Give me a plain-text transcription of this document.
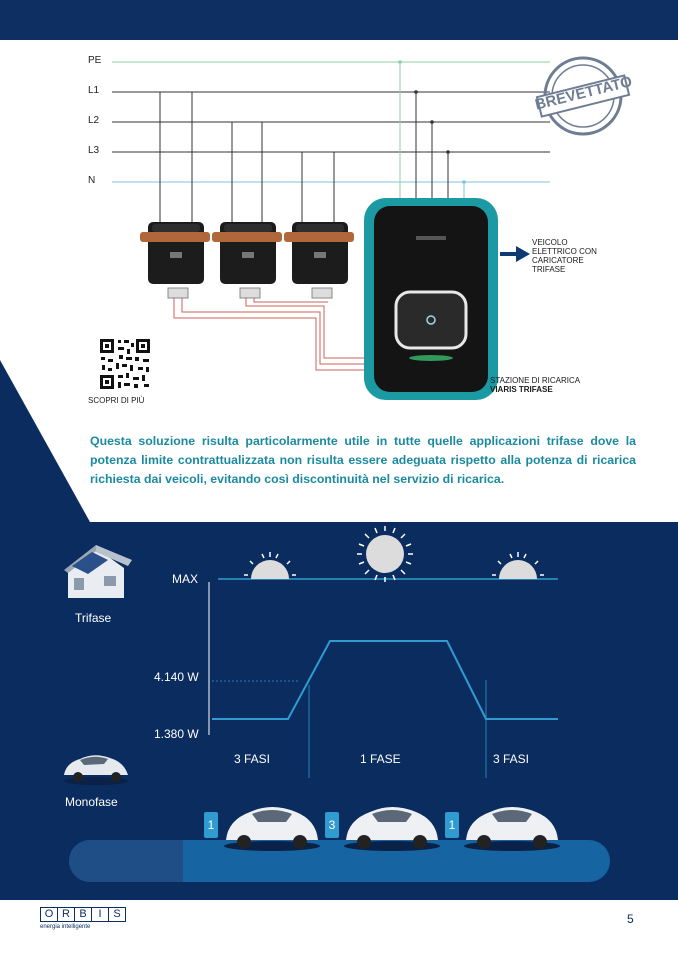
PE
L1
L2
L3
N
BREVETTATO
VEICOLO
ELETTRICO CON
CARICATORE
TRIFASE
STAZIONE DI RICARICA
VIARIS TRIFASE
SCOPRI DI PIÙ
Questa soluzione risulta particolarmente utile in tutte quelle applicazioni trifase dove la potenza limite contrattualizzata non risulta essere adeguata rispetto alla potenza di ricarica richiesta dai veicoli, evitando così discontinuità nel servizio di ricarica.
MAX
4.140 W
1.380 W
3 FASI	1 FASE	3 FASI
Trifase
Monofase
1	3	1
O R B	I	S
energia intelligente
5
